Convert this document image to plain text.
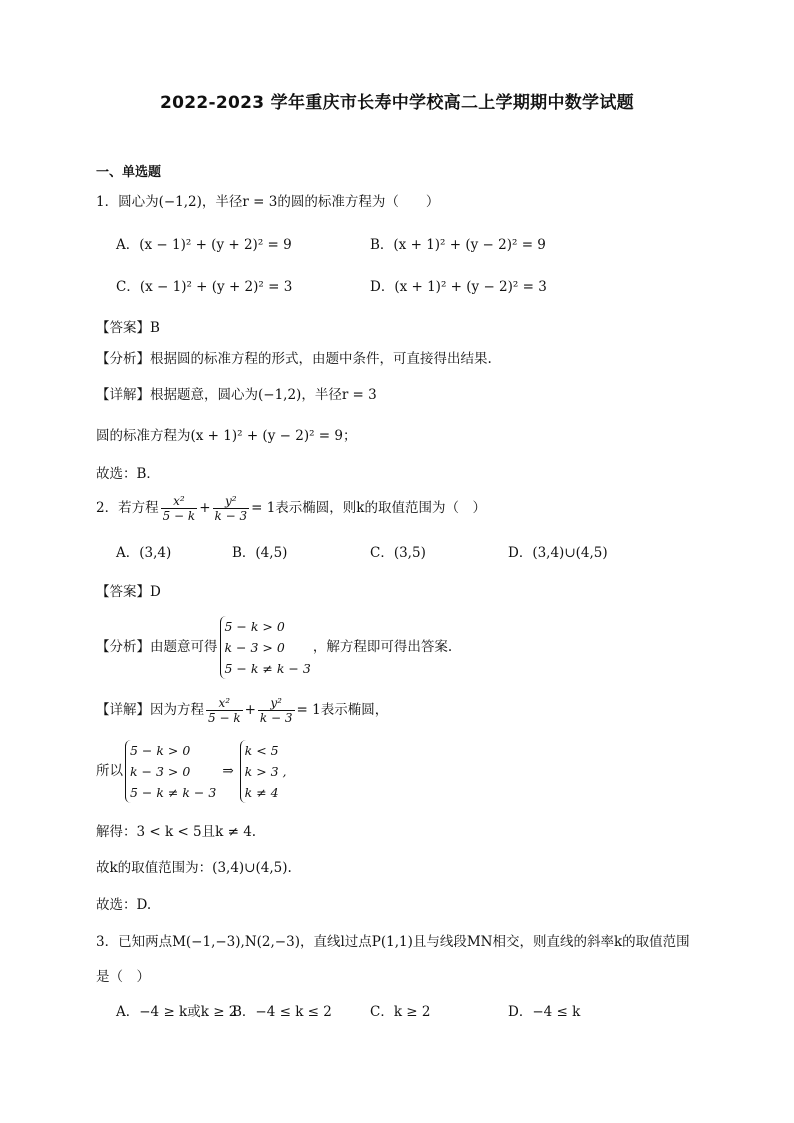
2022-2023 学年重庆市长寿中学校高二上学期期中数学试题
一、单选题
1．圆心为(−1,2)，半径r = 3的圆的标准方程为（　　）
A．(x − 1)² + (y + 2)² = 9	B．(x + 1)² + (y − 2)² = 9
C．(x − 1)² + (y + 2)² = 3	D．(x + 1)² + (y − 2)² = 3
【答案】B
【分析】根据圆的标准方程的形式，由题中条件，可直接得出结果.
【详解】根据题意，圆心为(−1,2)，半径r = 3
圆的标准方程为(x + 1)² + (y − 2)² = 9；
故选：B．
2．若方程 $\frac{\text{x²}}{5 - k} + \frac{\text{y²}}{k - 3} = 1$表示椭圆，则k的取值范围为（　）
A．(3,4)	B．(4,5)	C．(3,5)	D．(3,4)∪(4,5)
【答案】D
【分析】由题意可得
5 − k > 0
k − 3 > 0
5 − k ≠ k − 3
，解方程即可得出答案.
【详解】因为方程 $\frac{\text{x²}}{5 - k} + \frac{\text{y²}}{k - 3} = 1$表示椭圆，
所以
5 − k > 0
k − 3 > 0
5 − k ≠ k − 3
⇒
k < 5
k > 3 ,
k ≠ 4
解得：3 < k < 5且k ≠ 4.
故k的取值范围为：(3,4)∪(4,5).
故选：D.
3．已知两点M(−1,−3),N(2,−3)，直线l过点P(1,1)且与线段MN相交，则直线的斜率k的取值范围
是（　）
A．−4 ≥ k或k ≥ 2
B．−4 ≤ k ≤ 2	C．k ≥ 2	D．−4 ≤ k
